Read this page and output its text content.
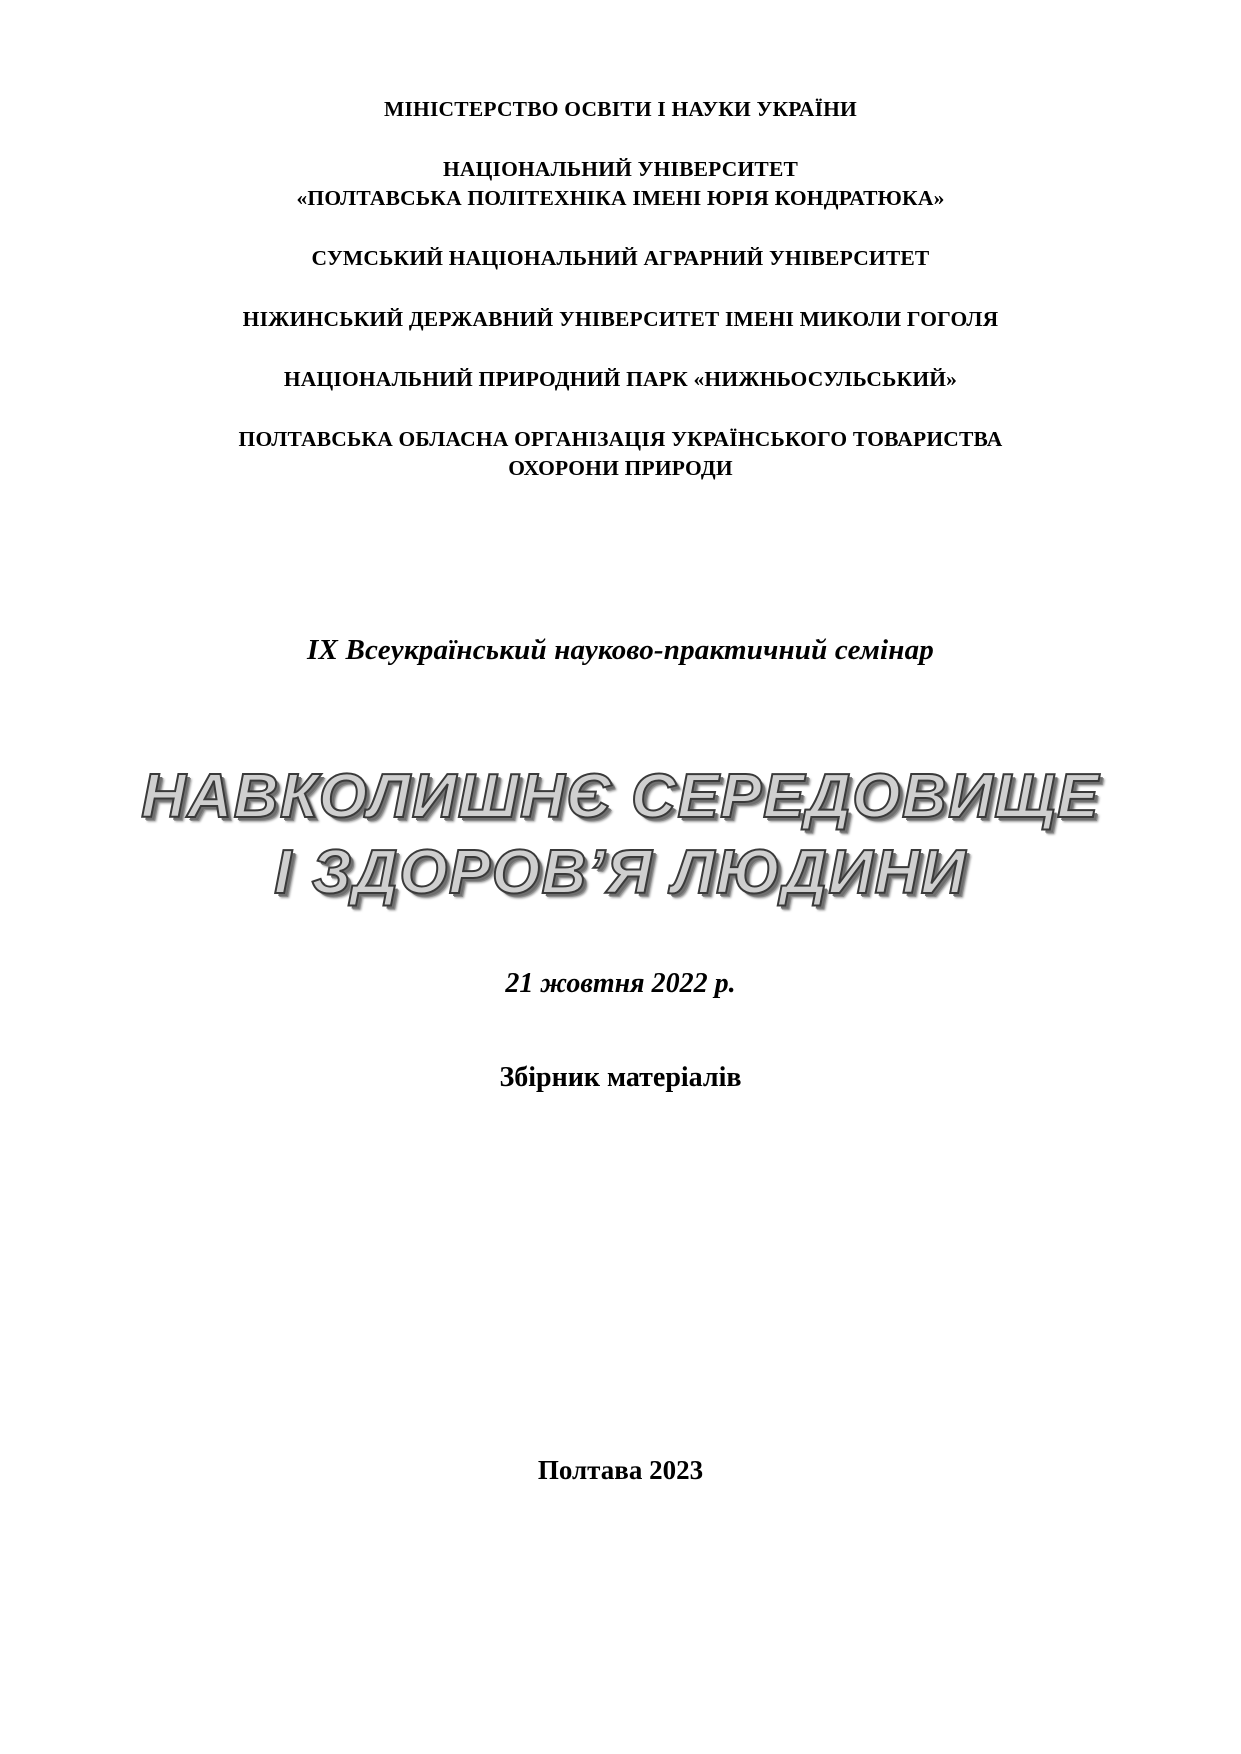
МІНІСТЕРСТВО ОСВІТИ І НАУКИ УКРАЇНИ

НАЦІОНАЛЬНИЙ УНІВЕРСИТЕТ

«ПОЛТАВСЬКА ПОЛІТЕХНІКА ІМЕНІ ЮРІЯ КОНДРАТЮКА»

СУМСЬКИЙ НАЦІОНАЛЬНИЙ АГРАРНИЙ УНІВЕРСИТЕТ

НІЖИНСЬКИЙ ДЕРЖАВНИЙ УНІВЕРСИТЕТ ІМЕНІ МИКОЛИ ГОГОЛЯ

НАЦІОНАЛЬНИЙ ПРИРОДНИЙ ПАРК «НИЖНЬОСУЛЬСЬКИЙ»

ПОЛТАВСЬКА ОБЛАСНА ОРГАНІЗАЦІЯ УКРАЇНСЬКОГО ТОВАРИСТВА

ОХОРОНИ ПРИРОДИ

IX Всеукраїнський науково-практичний семінар
НАВКОЛИШНЄ СЕРЕДОВИЩЕ
І ЗДОРОВ’Я ЛЮДИНИ
21 жовтня 2022 р.
Збірник матеріалів
Полтава 2023
